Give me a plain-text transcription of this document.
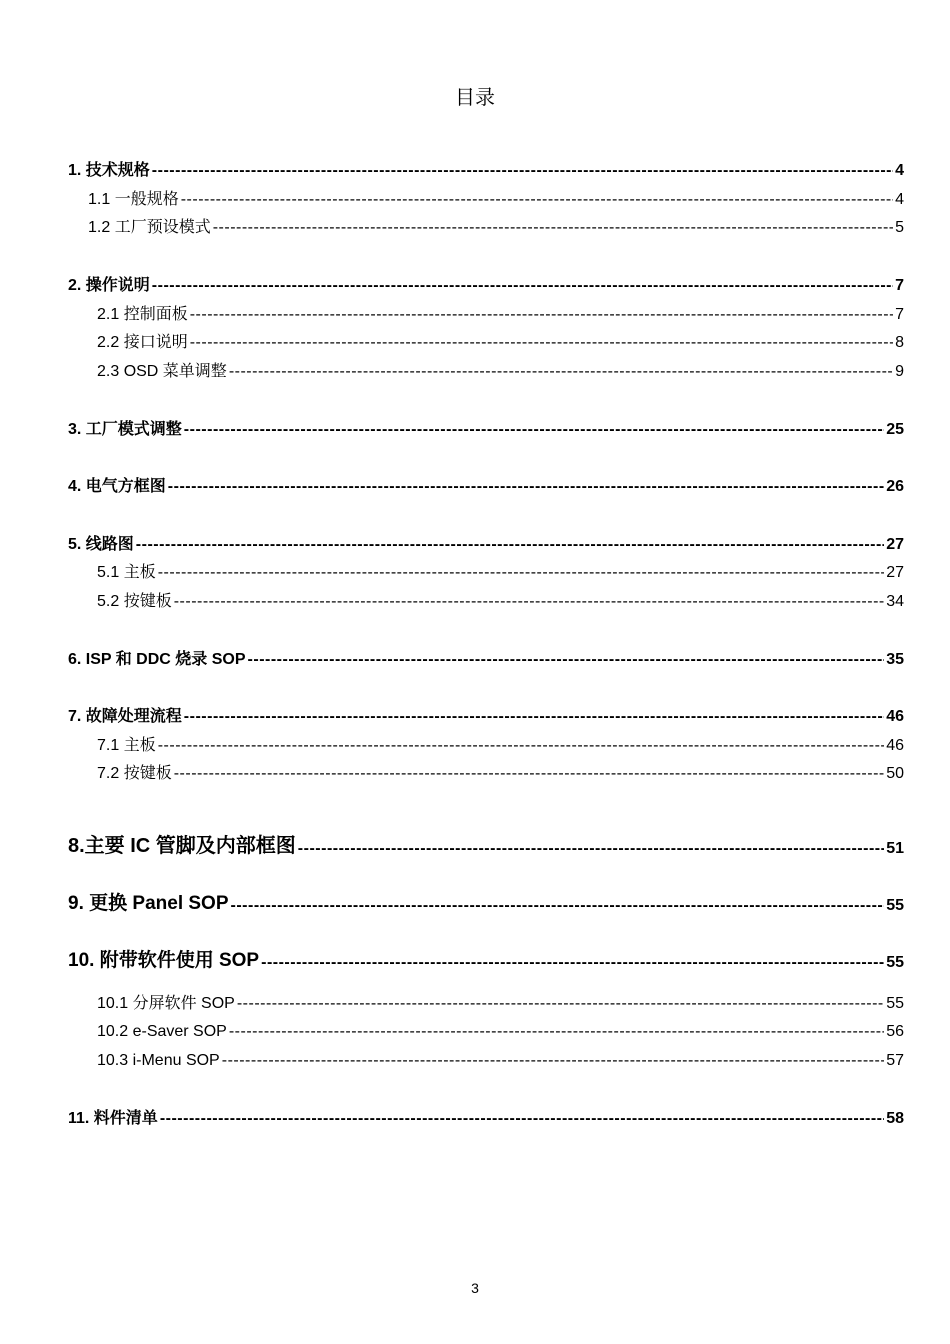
目录
1. 技术规格 -----	4
1.1 一般规格 -----	4
1.2 工厂预设模式 -----	5
2. 操作说明 -----	7
2.1 控制面板 -----	7
2.2 接口说明 -----	8
2.3 OSD 菜单调整 -----	9
3. 工厂模式调整 -----	25
4. 电气方框图 -----	26
5. 线路图 -----	27
5.1 主板 -----	27
5.2 按键板 -----	34
6. ISP 和 DDC 烧录 SOP -----	35
7. 故障处理流程 -----	46
7.1 主板 -----	46
7.2 按键板 -----	50
8.主要 IC 管脚及内部框图 -----	51
9. 更换 Panel SOP -----	55
10. 附带软件使用 SOP -----	55
10.1 分屏软件 SOP -----	55
10.2 e-Saver SOP -----	56
10.3 i-Menu SOP -----	57
11. 料件清单 -----	58
3
